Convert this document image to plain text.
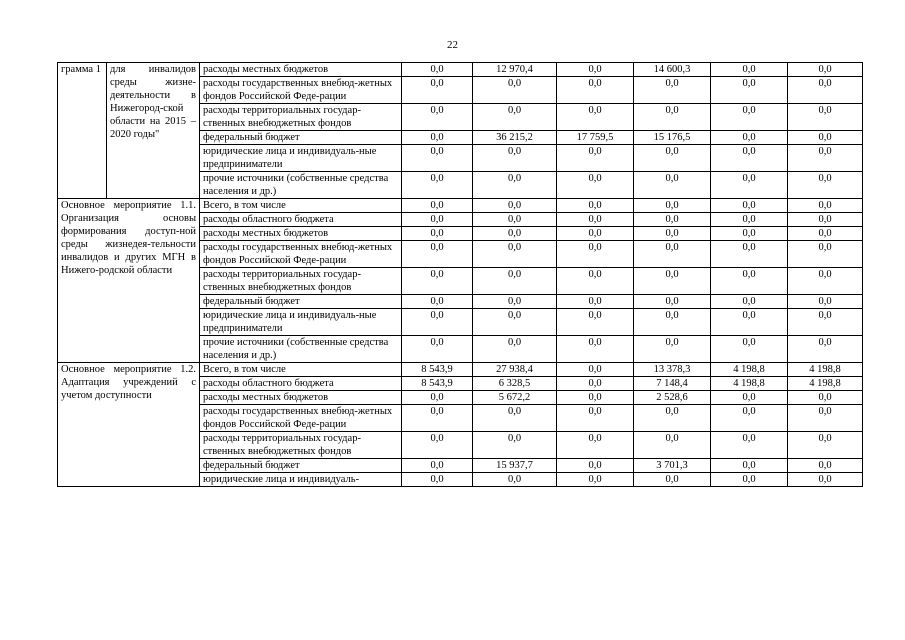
22
грамма 1	для инвалидов среды жизне-деятельности в Нижегород-ской области на 2015 –2020 годы"	расходы местных бюджетов	0,0	12 970,4	0,0	14 600,3	0,0	0,0
		расходы государственных внебюд-жетных фондов Российской Феде-рации	0,0	0,0	0,0	0,0	0,0	0,0
		расходы территориальных государ-ственных внебюджетных фондов	0,0	0,0	0,0	0,0	0,0	0,0
		федеральный бюджет	0,0	36 215,2	17 759,5	15 176,5	0,0	0,0
		юридические лица и индивидуаль-ные предприниматели	0,0	0,0	0,0	0,0	0,0	0,0
		прочие источники (собственные средства населения и др.)	0,0	0,0	0,0	0,0	0,0	0,0
Основное мероприятие 1.1. Организация основы формирования доступ-ной среды жизнедея-тельности инвалидов и других МГН в Нижего-родской области		Всего, в том числе	0,0	0,0	0,0	0,0	0,0	0,0
		расходы областного бюджета	0,0	0,0	0,0	0,0	0,0	0,0
		расходы местных бюджетов	0,0	0,0	0,0	0,0	0,0	0,0
		расходы государственных внебюд-жетных фондов Российской Феде-рации	0,0	0,0	0,0	0,0	0,0	0,0
		расходы территориальных государ-ственных внебюджетных фондов	0,0	0,0	0,0	0,0	0,0	0,0
		федеральный бюджет	0,0	0,0	0,0	0,0	0,0	0,0
		юридические лица и индивидуаль-ные предприниматели	0,0	0,0	0,0	0,0	0,0	0,0
		прочие источники (собственные средства населения и др.)	0,0	0,0	0,0	0,0	0,0	0,0
Основное мероприятие 1.2. Адаптация учреждений с учетом доступности		Всего, в том числе	8 543,9	27 938,4	0,0	13 378,3	4 198,8	4 198,8
		расходы областного бюджета	8 543,9	6 328,5	0,0	7 148,4	4 198,8	4 198,8
		расходы местных бюджетов	0,0	5 672,2	0,0	2 528,6	0,0	0,0
		расходы государственных внебюд-жетных фондов Российской Феде-рации	0,0	0,0	0,0	0,0	0,0	0,0
		расходы территориальных государ-ственных внебюджетных фондов	0,0	0,0	0,0	0,0	0,0	0,0
		федеральный бюджет	0,0	15 937,7	0,0	3 701,3	0,0	0,0
		юридические лица и индивидуаль-	0,0	0,0	0,0	0,0	0,0	0,0
